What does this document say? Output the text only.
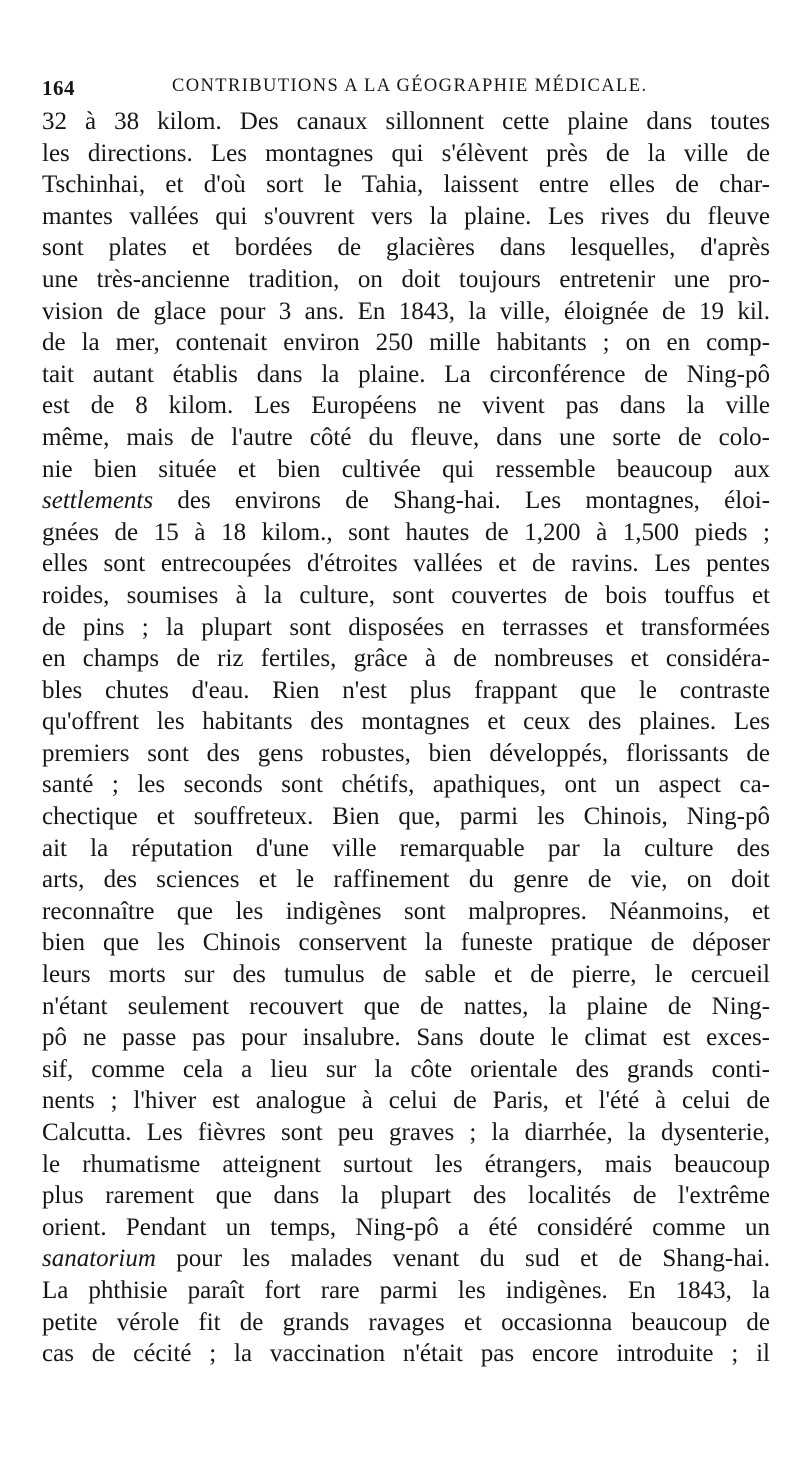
164	CONTRIBUTIONS A LA GÉOGRAPHIE MÉDICALE.
32 à 38 kilom. Des canaux sillonnent cette plaine dans toutes
les directions. Les montagnes qui s'élèvent près de la ville de
Tschinhai, et d'où sort le Tahia, laissent entre elles de char-
mantes vallées qui s'ouvrent vers la plaine. Les rives du fleuve
sont plates et bordées de glacières dans lesquelles, d'après
une très-ancienne tradition, on doit toujours entretenir une pro-
vision de glace pour 3 ans. En 1843, la ville, éloignée de 19 kil.
de la mer, contenait environ 250 mille habitants ; on en comp-
tait autant établis dans la plaine. La circonférence de Ning-pô
est de 8 kilom. Les Européens ne vivent pas dans la ville
même, mais de l'autre côté du fleuve, dans une sorte de colo-
nie bien située et bien cultivée qui ressemble beaucoup aux
settlements des environs de Shang-hai. Les montagnes, éloi-
gnées de 15 à 18 kilom., sont hautes de 1,200 à 1,500 pieds ;
elles sont entrecoupées d'étroites vallées et de ravins. Les pentes
roides, soumises à la culture, sont couvertes de bois touffus et
de pins ; la plupart sont disposées en terrasses et transformées
en champs de riz fertiles, grâce à de nombreuses et considéra-
bles chutes d'eau. Rien n'est plus frappant que le contraste
qu'offrent les habitants des montagnes et ceux des plaines. Les
premiers sont des gens robustes, bien développés, florissants de
santé ; les seconds sont chétifs, apathiques, ont un aspect ca-
chectique et souffreteux. Bien que, parmi les Chinois, Ning-pô
ait la réputation d'une ville remarquable par la culture des
arts, des sciences et le raffinement du genre de vie, on doit
reconnaître que les indigènes sont malpropres. Néanmoins, et
bien que les Chinois conservent la funeste pratique de déposer
leurs morts sur des tumulus de sable et de pierre, le cercueil
n'étant seulement recouvert que de nattes, la plaine de Ning-
pô ne passe pas pour insalubre. Sans doute le climat est exces-
sif, comme cela a lieu sur la côte orientale des grands conti-
nents ; l'hiver est analogue à celui de Paris, et l'été à celui de
Calcutta. Les fièvres sont peu graves ; la diarrhée, la dysenterie,
le rhumatisme atteignent surtout les étrangers, mais beaucoup
plus rarement que dans la plupart des localités de l'extrême
orient. Pendant un temps, Ning-pô a été considéré comme un
sanatorium pour les malades venant du sud et de Shang-hai.
La phthisie paraît fort rare parmi les indigènes. En 1843, la
petite vérole fit de grands ravages et occasionna beaucoup de
cas de cécité ; la vaccination n'était pas encore introduite ; il
